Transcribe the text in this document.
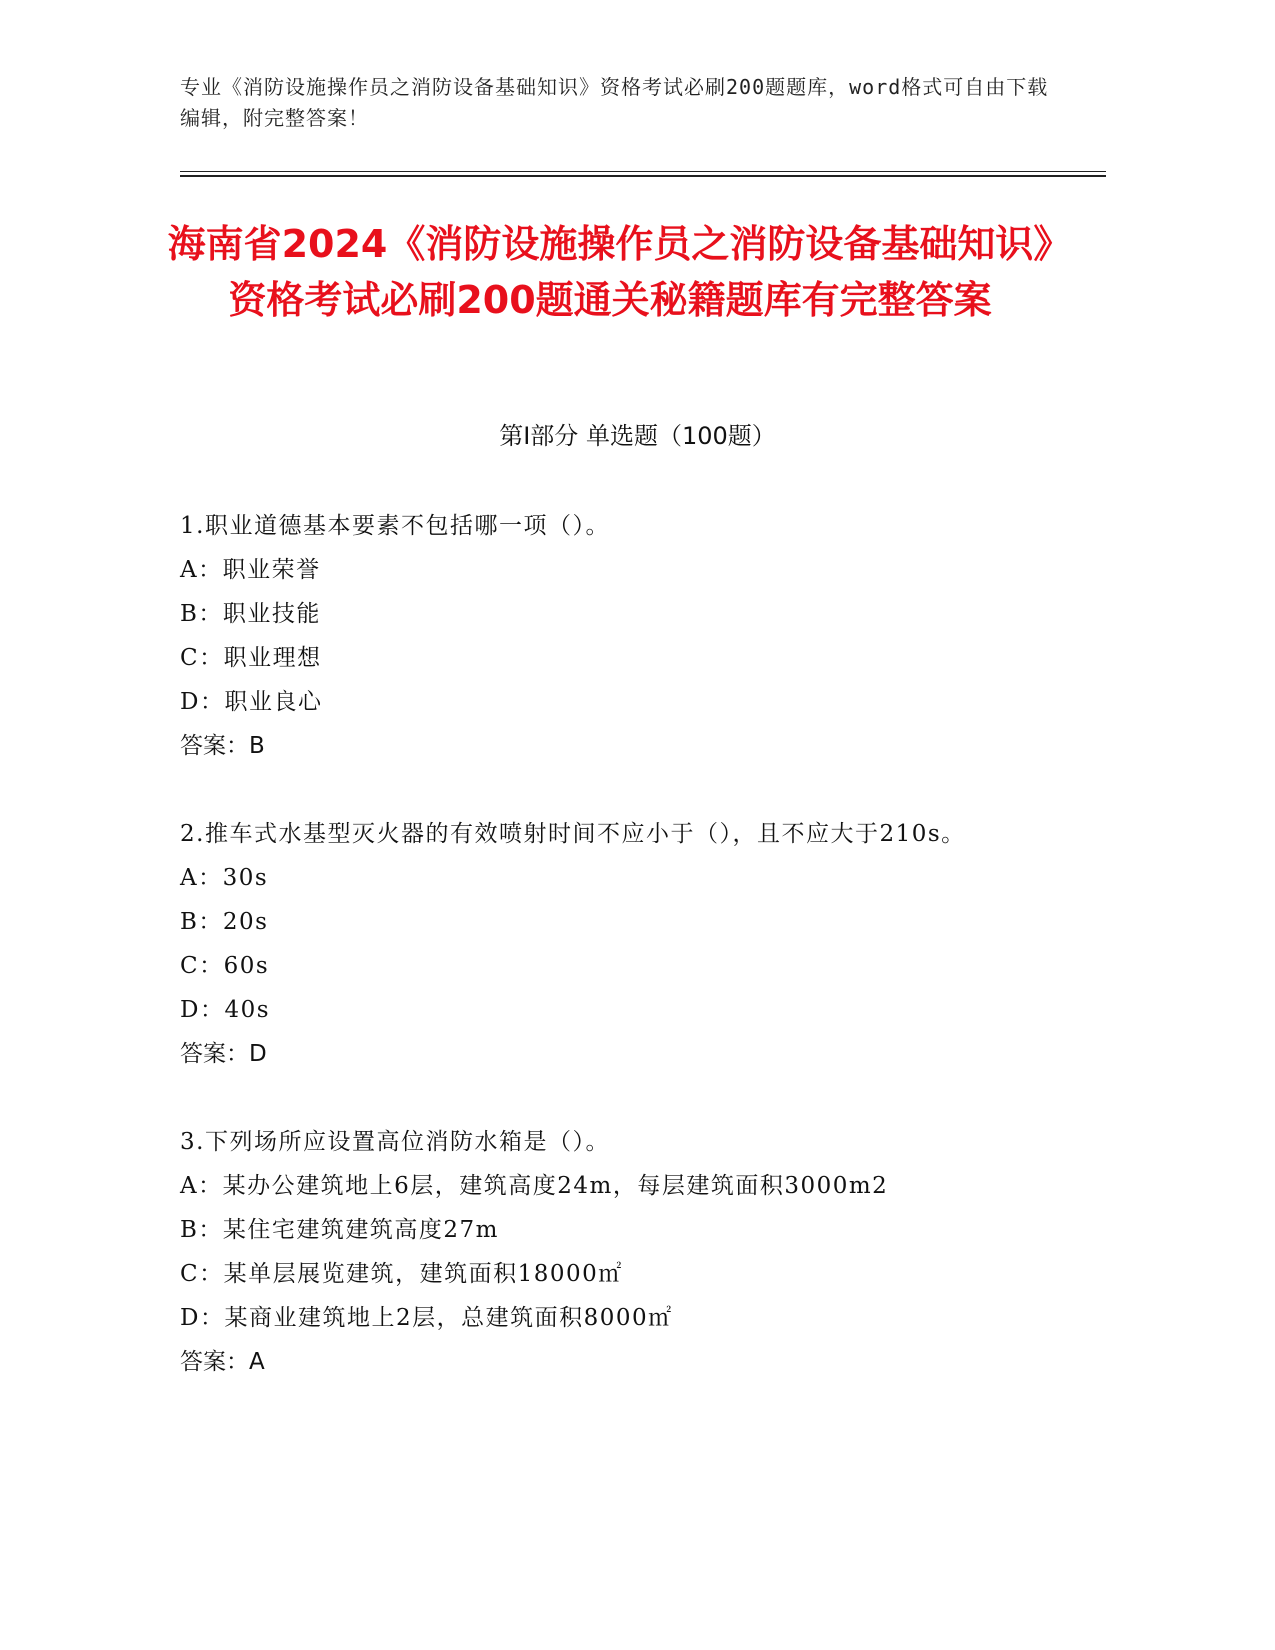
专业《消防设施操作员之消防设备基础知识》资格考试必刷200题题库，word格式可自由下载编辑，附完整答案！
海南省2024《消防设施操作员之消防设备基础知识》资格考试必刷200题通关秘籍题库有完整答案
第I部分 单选题（100题）

1.职业道德基本要素不包括哪一项（）。

A：职业荣誉

B：职业技能

C：职业理想

D：职业良心

答案：B

2.推车式水基型灭火器的有效喷射时间不应小于（），且不应大于210s。

A：30s

B：20s

C：60s

D：40s

答案：D

3.下列场所应设置高位消防水箱是（）。

A：某办公建筑地上6层，建筑高度24m，每层建筑面积3000m2

B：某住宅建筑建筑高度27m

C：某单层展览建筑，建筑面积18000㎡

D：某商业建筑地上2层，总建筑面积8000㎡

答案：A
